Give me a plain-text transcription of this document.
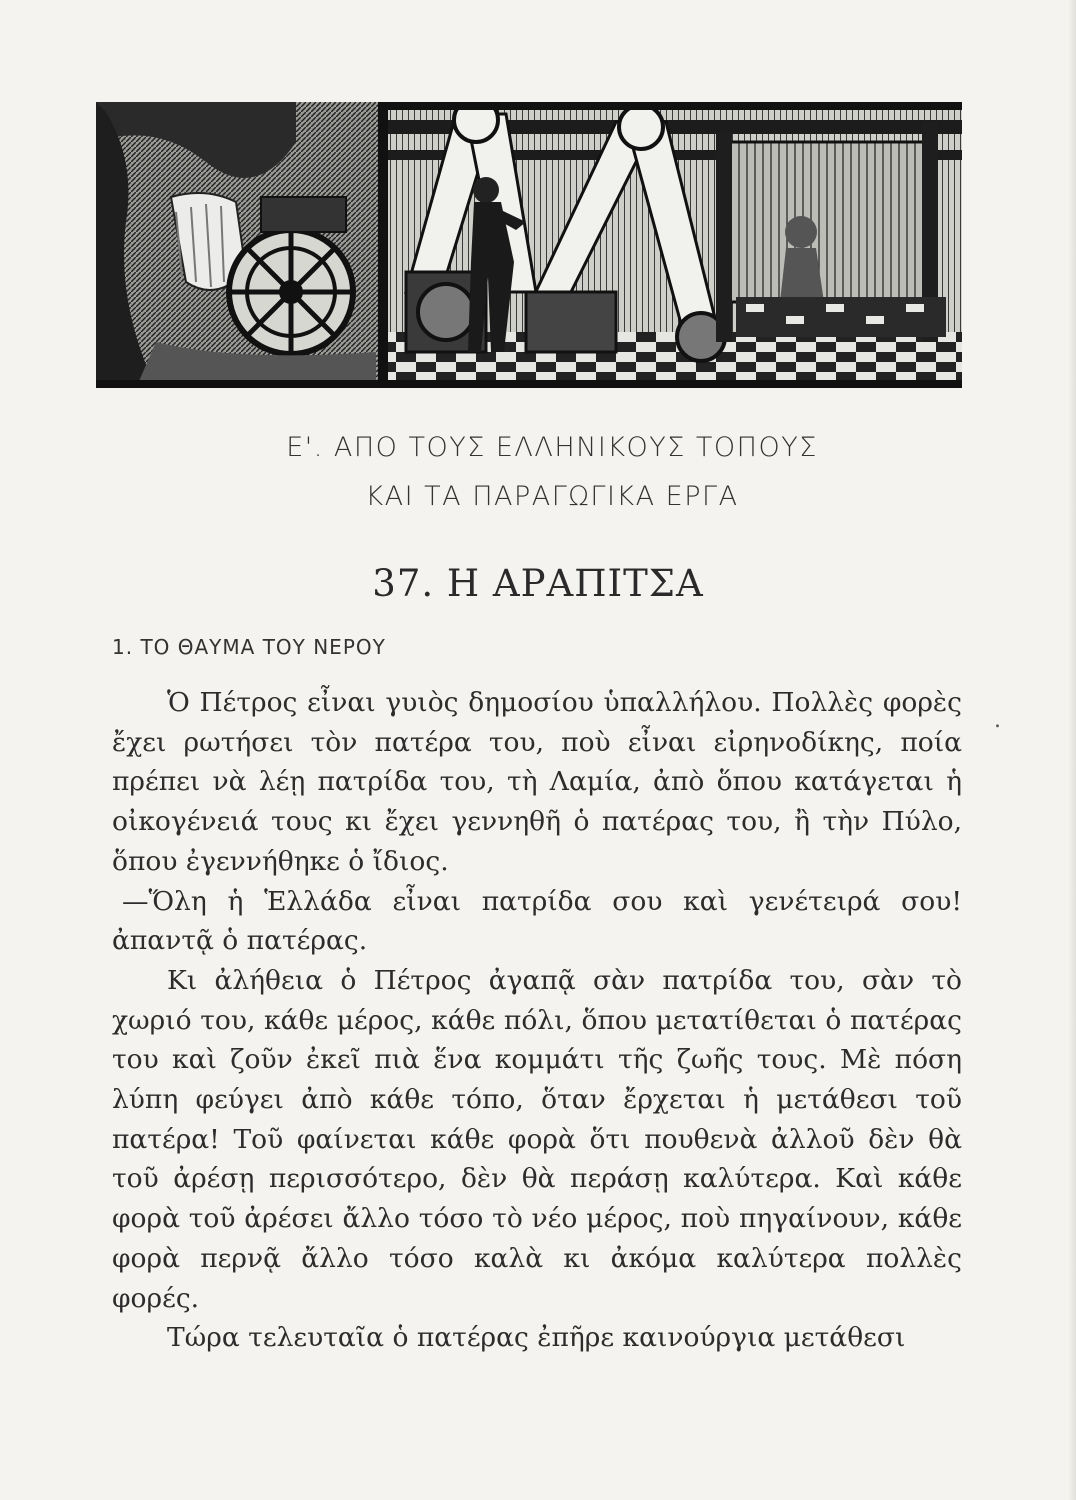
Ε'. ΑΠΟ ΤΟΥΣ ΕΛΛΗΝΙΚΟΥΣ ΤΟΠΟΥΣ
ΚΑΙ ΤΑ ΠΑΡΑΓΩΓΙΚΑ ΕΡΓΑ
37. Η ΑΡΑΠΙΤΣΑ
1. ΤΟ ΘΑΥΜΑ ΤΟΥ ΝΕΡΟΥ

Ὁ Πέτρος εἶναι γυιὸς δημοσίου ὑπαλλήλου. Πολλὲς φορὲς ἔχει ρωτήσει τὸν πατέρα του, ποὺ εἶναι εἰρηνοδίκης, ποία πρέπει νὰ λέῃ πατρίδα του, τὴ Λαμία, ἀπὸ ὅπου κατάγεται ἡ οἰκογένειά τους κι ἔχει γεννηθῆ ὁ πατέρας του, ἢ τὴν Πύλο, ὅπου ἐγεννήθηκε ὁ ἴδιος.

—Ὅλη ἡ Ἑλλάδα εἶναι πατρίδα σου καὶ γενέτειρά σου! ἀπαντᾷ ὁ πατέρας.

Κι ἀλήθεια ὁ Πέτρος ἀγαπᾷ σὰν πατρίδα του, σὰν τὸ χωριό του, κάθε μέρος, κάθε πόλι, ὅπου μετατίθεται ὁ πατέρας του καὶ ζοῦν ἐκεῖ πιὰ ἕνα κομμάτι τῆς ζωῆς τους. Μὲ πόση λύπη φεύγει ἀπὸ κάθε τόπο, ὅταν ἔρχεται ἡ μετάθεσι τοῦ πατέρα! Τοῦ φαίνεται κάθε φορὰ ὅτι πουθενὰ ἀλλοῦ δὲν θὰ τοῦ ἀρέσῃ περισσότερο, δὲν θὰ περάσῃ καλύτερα. Καὶ κάθε φορὰ τοῦ ἀρέσει ἄλλο τόσο τὸ νέο μέρος, ποὺ πηγαίνουν, κάθε φορὰ περνᾷ ἄλλο τόσο καλὰ κι ἀκόμα καλύτερα πολλὲς φορές.

Τώρα τελευταῖα ὁ πατέρας ἐπῆρε καινούργια μετάθεσι

.
